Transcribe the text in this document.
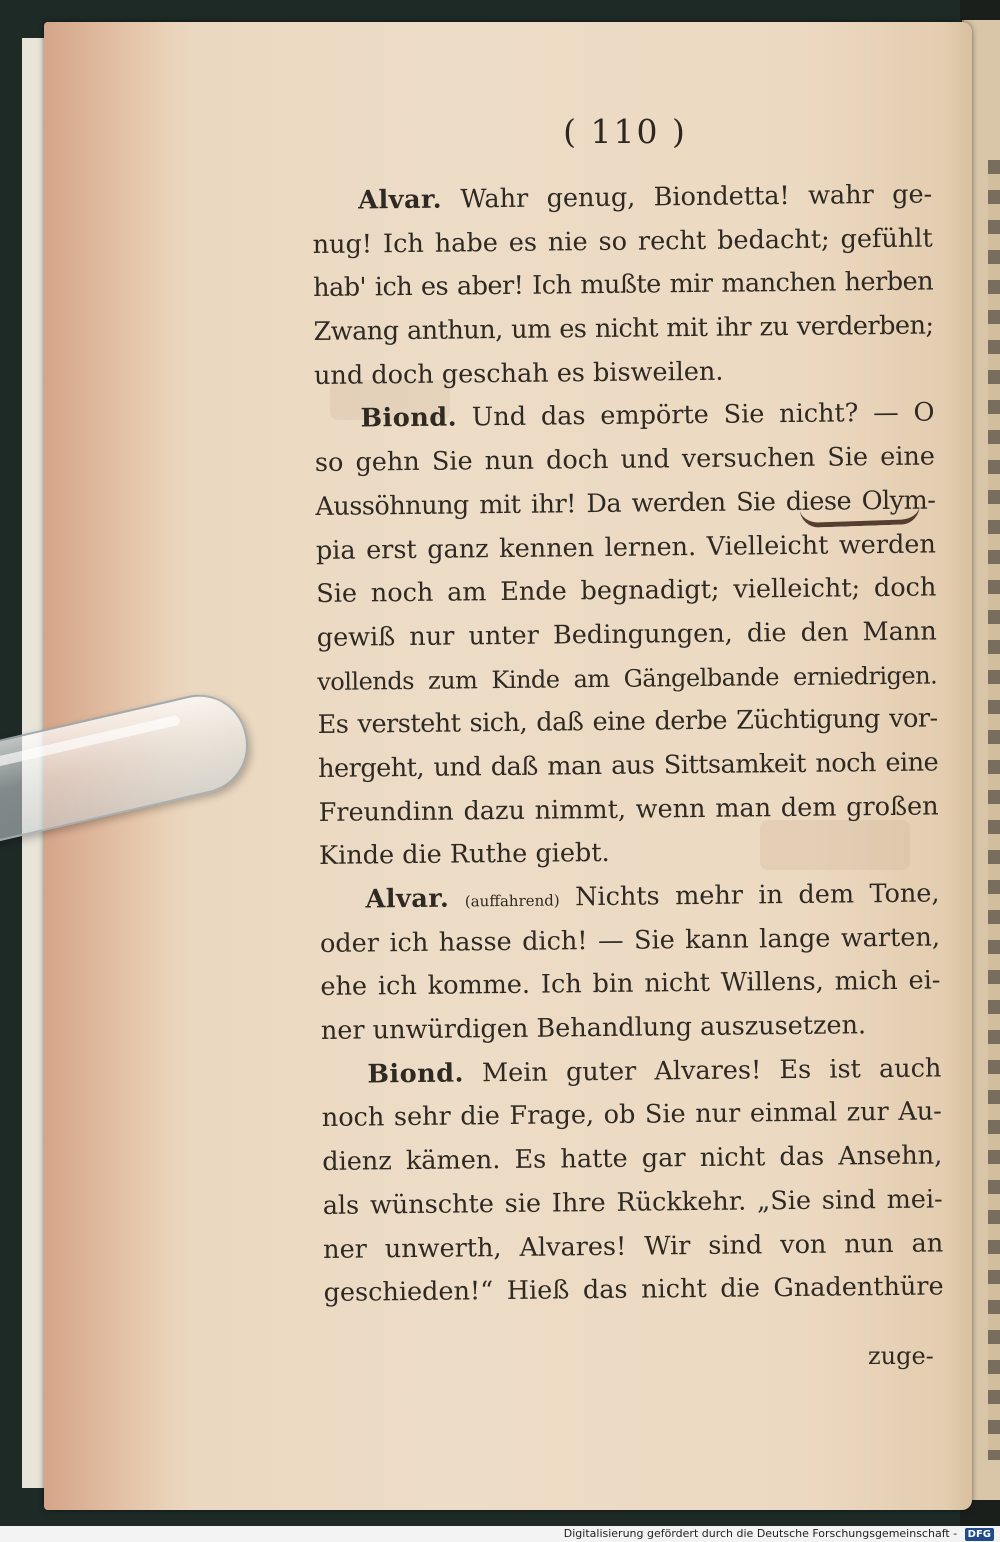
( 110 )
Alvar. Wahr genug, Biondetta! wahr ge-
nug! Ich habe es nie so recht bedacht; gefühlt
hab' ich es aber! Ich mußte mir manchen herben
Zwang anthun, um es nicht mit ihr zu verderben;
und doch geschah es bisweilen.
Biond. Und das empörte Sie nicht? — O
so gehn Sie nun doch und versuchen Sie eine
Aussöhnung mit ihr! Da werden Sie diese Olym-
pia erst ganz kennen lernen. Vielleicht werden
Sie noch am Ende begnadigt; vielleicht; doch
gewiß nur unter Bedingungen, die den Mann
vollends zum Kinde am Gängelbande erniedrigen.
Es versteht sich, daß eine derbe Züchtigung vor-
hergeht, und daß man aus Sittsamkeit noch eine
Freundinn dazu nimmt, wenn man dem großen
Kinde die Ruthe giebt.
Alvar. (auffahrend) Nichts mehr in dem Tone,
oder ich hasse dich! — Sie kann lange warten,
ehe ich komme. Ich bin nicht Willens, mich ei-
ner unwürdigen Behandlung auszusetzen.
Biond. Mein guter Alvares! Es ist auch
noch sehr die Frage, ob Sie nur einmal zur Au-
dienz kämen. Es hatte gar nicht das Ansehn,
als wünschte sie Ihre Rückkehr. „Sie sind mei-
ner unwerth, Alvares! Wir sind von nun an
geschieden!“ Hieß das nicht die Gnadenthüre
zuge-
Digitalisierung gefördert durch die Deutsche Forschungsgemeinschaft - DFG
